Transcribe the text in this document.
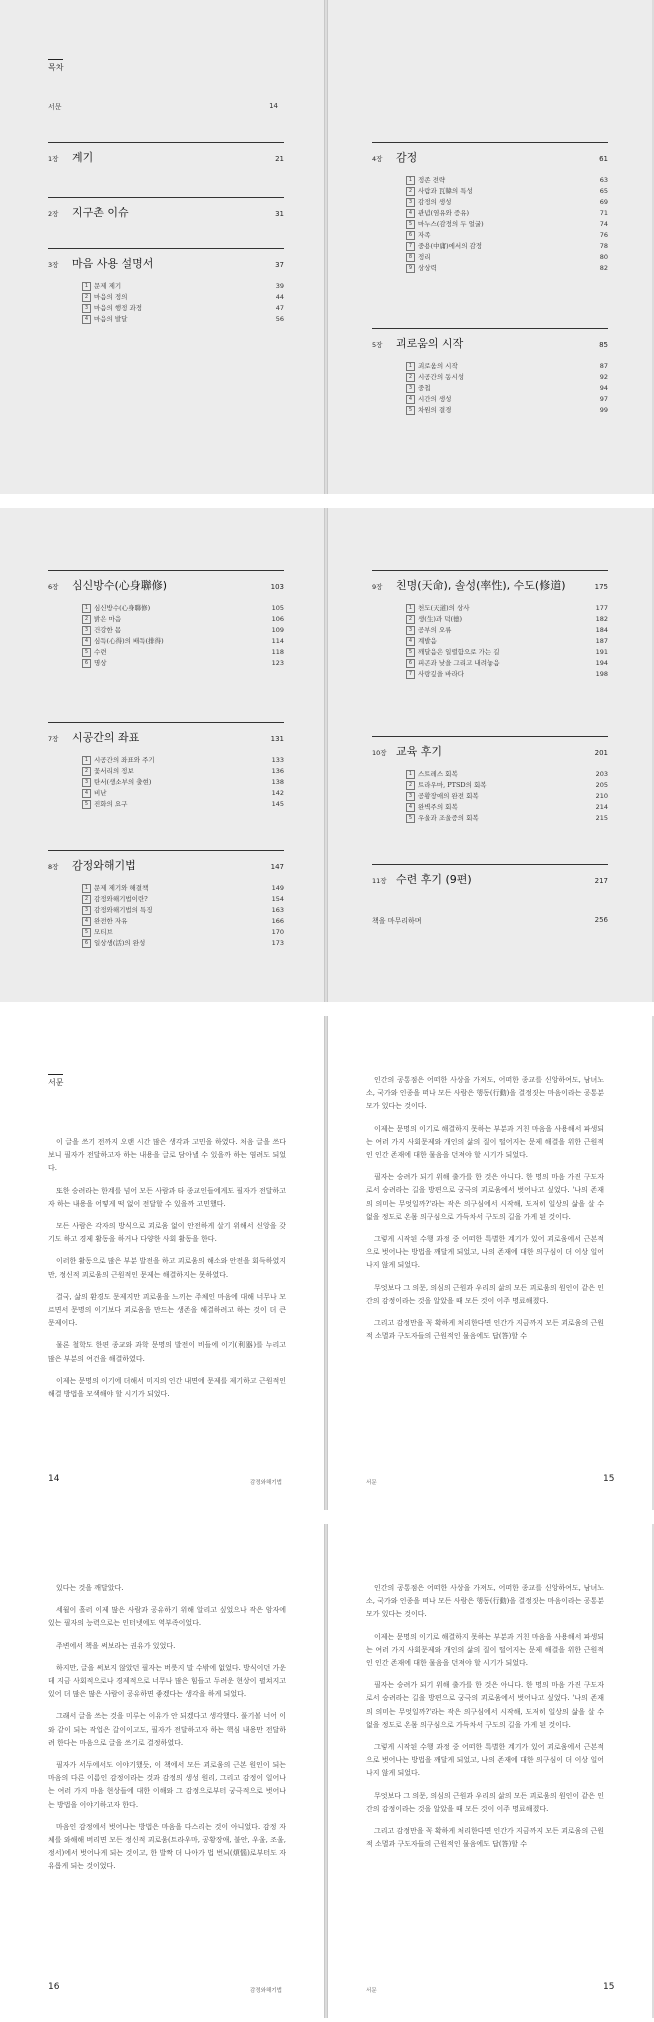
목차
서문	14
1장	계기	21
2장	지구촌 이슈	31
3장	마음 사용 설명서	37
1 문제 제기	39
2 마음의 정의	44
3 마음의 행정 과정	47
4 마음의 발달	56
4장	감정	61
1 정존 전략	63
2 사람과 瓦韓의 특성	65
3 감정의 생성	69
4 관념(염유와 증유)	71
5 마누스(감정의 두 얼굴)	74
6 자족	76
7 중용(中庸)에서의 감정	78
8 정리	80
9 상상력	82
5장	괴로움의 시작	85
1 괴로움의 시작	87
2 시공간의 동시성	92
3 중첩	94
4 시간의 생성	97
5 차원의 결경	99
6장	심신방수(心身聯修)	103
1 심신방수(心身聯修)	105
2 밝은 마음	106
3 건강한 몸	109
4 심득(心得)의 배득(排得)	114
5 수련	118
6 명상	123
7장	시공간의 좌표	131
1 시공간의 좌표와 주기	133
2 꽃서리의 정보	136
3 탄서(생소부의 출현)	138
4 비난	142
5 진화의 요구	145
8장	감정와해기법	147
1 문제 제기와 해결책	149
2 감정와해기법이란?	154
3 감정와해기법의 특징	163
4 완전한 자유	166
5 모티브	170
6 일상생(活)의 완성	173
9장	친명(天命), 솔성(率性), 수도(修道)	175
1 천도(天道)의 상사	177
2 생(生)과 덕(德)	182
3 공부의 오류	184
4 계발음	187
5 깨달음은 일렬함으로 가는 길	191
6 피곤과 낮을 그리고 내려놓음	194
7 사랑깊을 바라다	198
10장 교육 후기	201
1 스트레스 회복	203
2 트라우마, PTSD의 회복	205
3 공황장애의 완전 회복	210
4 완벽주의 회복	214
5 우울과 조울증의 회복	215
11장 수련 후기 (9편)	217
책을 마무리하며	256
서문

이 글을 쓰기 전까지 오랜 시간 많은 생각과 고민을 하였다. 처음 글을 쓰다 보니 필자가 전달하고자 하는 내용을 글로 담아낼 수 있을까 하는 염려도 되었다.

또한 승려라는 한계를 넘어 모든 사람과 타 종교인들에게도 필자가 전달하고자 하는 내용을 어떻게 떡 없이 전달할 수 있을까 고민했다.

모든 사람은 각자의 방식으로 괴로움 없이 안전하게 살기 위해서 신앙을 갖기도 하고 경제 활동을 하거나 다양한 사회 활동을 한다.

이러한 활동으로 많은 부분 발전을 하고 괴로움의 해소와 안전을 회득하였지만, 정신적 괴로움의 근원적인 문제는 해결하지는 못하였다.

결국, 삶의 환경도 문제지만 괴로움을 느끼는 주체인 마음에 대해 너무나 모르면서 문명의 이기보다 괴로움을 만드는 생존을 해결하려고 하는 것이 더 큰 문제이다.

물론 철학도 한편 종교와 과학 문명의 발전이 비들에 이기(利器)를 누리고 많은 부분의 여건을 해결하였다.

이제는 문명의 이기에 더해서 미지의 인간 내면에 문제를 제기하고 근원적인 해결 방법을 모색해야 할 시기가 되었다.

14	감정와해기법

인간의 공통점은 어떠한 사상을 가져도, 어떠한 종교를 신앙하여도, 남녀노소, 국가와 인종을 떠나 모든 사람은 행동(行動)을 결정짓는 마음이라는 공통분모가 있다는 것이다.

이제는 문명의 이기로 해결하지 못하는 부분과 거친 마음을 사용해서 파생되는 여러 가지 사회문제와 개인의 삶의 질이 떨어지는 문제 해결을 위한 근원적인 인간 존재에 대한 물음을 던져야 할 시기가 되었다.

필자는 승려가 되기 위해 출가를 한 것은 아니다. 한 명의 마음 가진 구도자로서 승려라는 길을 방편으로 궁극의 괴로움에서 벗어나고 싶었다. '나의 존재의 의미는 무엇일까?'라는 작은 의구심에서 시작해, 도저히 일상의 삶을 살 수 없을 정도로 온몸 의구심으로 가득차서 구도의 길을 가게 된 것이다.

그렇게 시작된 수행 과정 중 어떠한 특별한 계기가 있어 괴로움에서 근본적으로 벗어나는 방법을 깨달게 되었고, 나의 존재에 대한 의구심이 더 이상 일어나지 않게 되었다.

무엇보다 그 의문, 의심의 근원과 우리의 삶의 모든 괴로움의 원인이 같은 인간의 감정이라는 것을 알았을 때 모든 것이 이주 명료해졌다.

그리고 감정만을 꼭 확하게 처리한다면 인간가 지금까지 모든 괴로움의 근원적 소멸과 구도자들의 근원적인 물음에도 답(答)할 수

서문	15

있다는 것을 깨달았다.

세월이 흘러 이제 많은 사람과 공유하기 위해 알리고 싶었으나 작은 암자에 있는 필자의 능력으로는 인터넷에도 역부족이었다.

주변에서 책을 써보라는 권유가 있었다.

하지만, 글을 써보지 않았던 필자는 버릇지 말 수밖에 없었다. 방식이던 가운데 지금 사회적으로나 경제적으로 너무나 많은 힘들고 두려운 현상이 펼쳐지고 있어 더 많은 많은 사람이 공유하면 좋겠다는 생각을 하게 되었다.

그래서 글을 쓰는 것을 미루는 이유가 안 되겠다고 생각했다. 풀기볼 너어 이와 같이 되는 작업은 갈이이고도, 필자가 전달하고자 하는 핵심 내용만 전달하려 한다는 마음으로 글을 쓰기로 결정하였다.

필자가 서두에서도 이야기했듯, 이 책에서 모든 괴로움의 근본 원인이 되는 마음의 다른 이름인 감정이라는 것과 감정의 생성 원리, 그리고 감정이 일어나는 여러 가지 마음 현상들에 대한 이해와 그 감정으로부터 궁극적으로 벗어나는 방법을 이야기하고자 한다.

마음인 감정에서 벗어나는 방법은 마음을 다스리는 것이 아니었다. 감정 자체를 와해해 버리면 모든 정신적 괴로움(트라우마, 공황장애, 불안, 우울, 조울, 정서)에서 벗어나게 되는 것이고, 한 발짝 더 나아가 법 번뇌(煩惱)로부터도 자유롭게 되는 것이었다.

16	감정와해기법

인간의 공통점은 어떠한 사상을 가져도, 어떠한 종교를 신앙하여도, 남녀노소, 국가와 인종을 떠나 모든 사람은 행동(行動)을 결정짓는 마음이라는 공통분모가 있다는 것이다.

이제는 문명의 이기로 해결하지 못하는 부분과 거친 마음을 사용해서 파생되는 여러 가지 사회문제와 개인의 삶의 질이 떨어지는 문제 해결을 위한 근원적인 인간 존재에 대한 물음을 던져야 할 시기가 되었다.

필자는 승려가 되기 위해 출가를 한 것은 아니다. 한 명의 마음 가진 구도자로서 승려라는 길을 방편으로 궁극의 괴로움에서 벗어나고 싶었다. '나의 존재의 의미는 무엇일까?'라는 작은 의구심에서 시작해, 도저히 일상의 삶을 살 수 없을 정도로 온몸 의구심으로 가득차서 구도의 길을 가게 된 것이다.

그렇게 시작된 수행 과정 중 어떠한 특별한 계기가 있어 괴로움에서 근본적으로 벗어나는 방법을 깨달게 되었고, 나의 존재에 대한 의구심이 더 이상 일어나지 않게 되었다.

무엇보다 그 의문, 의심의 근원과 우리의 삶의 모든 괴로움의 원인이 같은 인간의 감정이라는 것을 알았을 때 모든 것이 이주 명료해졌다.

그리고 감정만을 꼭 확하게 처리한다면 인간가 지금까지 모든 괴로움의 근원적 소멸과 구도자들의 근원적인 물음에도 답(答)할 수

서문	15
